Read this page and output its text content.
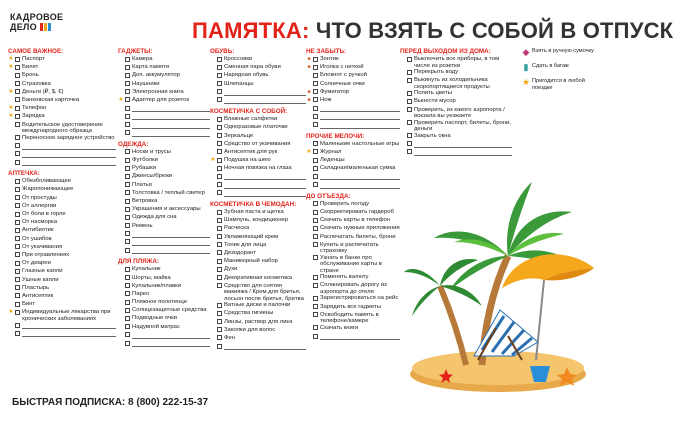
КАДРОВОЕ
ДЕЛО	ПАМЯТКА: ЧТО ВЗЯТЬ С СОБОЙ В ОТПУСК
САМОЕ ВАЖНОЕ:
★ Паспорт
★ Билет
Бронь
Страховка
★ Деньги (₽, $, €)
Банковская карточка
★ Телефон
★ Зарядка
Водительское удостоверение международного образца
Переносное зарядное устройство
АПТЕЧКА:
Обезболивающее
Жаропонижающее
От простуды
От аллергии
От боли в горле
От насморка
Антибиотик
От ушибов
От укачивания
При отравлениях
От диареи
Глазные капли
Ушные капли
Пластырь
Антисептик
Бинт
★ Индивидуальные лекарства при хронических заболеваниях
ГАДЖЕТЫ:
Камера
Карта памяти
Доп. аккумулятор
Наушники
Электронная книга
★ Адаптер для розеток
ОДЕЖДА:
Носки и трусы
Футболки
Рубашки
Джинсы/брюки
Платья
Толстовка / теплый свитер
Ветровка
Украшения и аксессуары
Одежда для сна
Ремень
ДЛЯ ПЛЯЖА:
Купальник
Шорты, майка
Купальник/плавки
Парео
Пляжное полотенце
Солнцезащитные средства
Подводные очки
Надувной матрас
ОБУВЬ:
Кроссовки
Сменная пара обуви
Нарядная обувь
Шлепанцы
КОСМЕТИЧКА С СОБОЙ:
Влажные салфетки
Одноразовые платочки
Зеркальце
Средство от укачивания
Антисептик для рук
★ Подушка на шею
Ночная повязка на глаза
КОСМЕТИЧКА В ЧЕМОДАН:
Зубная паста и щетка
Шампунь, кондиционер
Расческа
Увлажняющий крем
Тоник для лица
Дезодорант
Маникюрный набор
Духи
Декоративная косметика
Средство для снятия макияжа / Крем для бритья, лосьон после бритья, бритва
Ватные диски и палочки
Средства гигиены
Линзы, раствор для линз
Заколки для волос
Фен
НЕ ЗАБЫТЬ:
■ Зонтик
■ Иголка с ниткой
Блокнот с ручкой
Солнечные очки
■ Фумигатор
■ Нож
ПРОЧИЕ МЕЛОЧИ:
Маленькие настольные игры
★ Журнал
Леденцы
Складная/маленькая сумка
ДО ОТЪЕЗДА:
Проверить погоду
Скорректировать гардероб
Скачать карты в телефон
Скачать нужные приложения
Распечатать билеты, брони
Купить и распечатать страховку
Узнать в банке про обслуживание карты в стране
Поменять валюту
Спланировать дорогу из аэропорта до отеля
Зарегистрироваться на рейс
Зарядить все гаджеты
Освободить память в телефоне/камере
Скачать книги
ПЕРЕД ВЫХОДОМ ИЗ ДОМА:
Выключить все приборы, в том числе из розетки
Перекрыть воду
Выкинуть из холодильника скоропортящиеся продукты
Полить цветы
Вынести мусор
Проверить, из какого аэропорта / вокзала вы уезжаете
Проверить паспорт, билеты, брони, деньги
Закрыть окна
◆ Взять в ручную сумочку
▮ Сдать в багаж
★ Пригодится в любой поездке
БЫСТРАЯ ПОДПИСКА: 8 (800) 222-15-37
